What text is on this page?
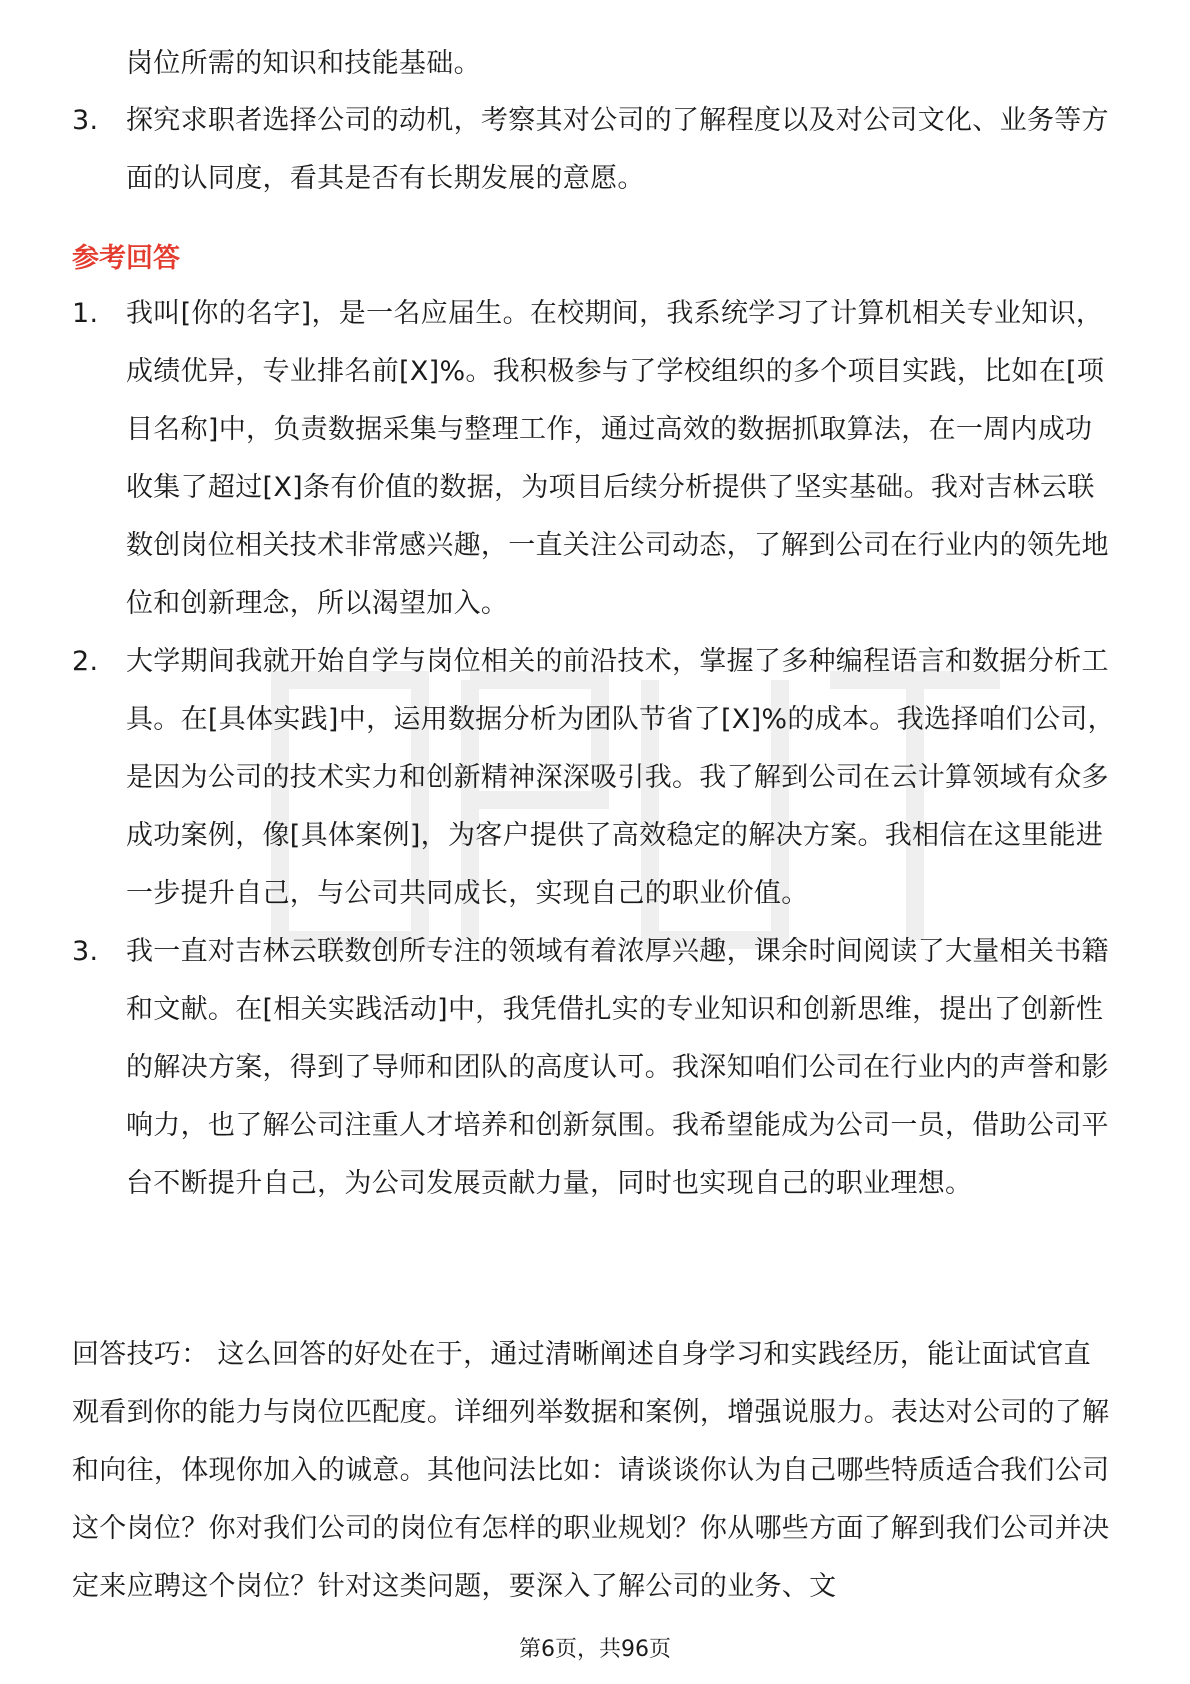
岗位所需的知识和技能基础。
3. 探究求职者选择公司的动机，考察其对公司的了解程度以及对公司文化、业务等方面的认同度，看其是否有长期发展的意愿。
参考回答
1. 我叫[你的名字]，是一名应届生。在校期间，我系统学习了计算机相关专业知识，成绩优异，专业排名前[X]%。我积极参与了学校组织的多个项目实践，比如在[项目名称]中，负责数据采集与整理工作，通过高效的数据抓取算法，在一周内成功收集了超过[X]条有价值的数据，为项目后续分析提供了坚实基础。我对吉林云联数创岗位相关技术非常感兴趣，一直关注公司动态，了解到公司在行业内的领先地位和创新理念，所以渴望加入。
2. 大学期间我就开始自学与岗位相关的前沿技术，掌握了多种编程语言和数据分析工具。在[具体实践]中，运用数据分析为团队节省了[X]%的成本。我选择咱们公司，是因为公司的技术实力和创新精神深深吸引我。我了解到公司在云计算领域有众多成功案例，像[具体案例]，为客户提供了高效稳定的解决方案。我相信在这里能进一步提升自己，与公司共同成长，实现自己的职业价值。
3. 我一直对吉林云联数创所专注的领域有着浓厚兴趣，课余时间阅读了大量相关书籍和文献。在[相关实践活动]中，我凭借扎实的专业知识和创新思维，提出了创新性的解决方案，得到了导师和团队的高度认可。我深知咱们公司在行业内的声誉和影响力，也了解公司注重人才培养和创新氛围。我希望能成为公司一员，借助公司平台不断提升自己，为公司发展贡献力量，同时也实现自己的职业理想。
回答技巧： 这么回答的好处在于，通过清晰阐述自身学习和实践经历，能让面试官直观看到你的能力与岗位匹配度。详细列举数据和案例，增强说服力。表达对公司的了解和向往，体现你加入的诚意。其他问法比如：请谈谈你认为自己哪些特质适合我们公司这个岗位？你对我们公司的岗位有怎样的职业规划？你从哪些方面了解到我们公司并决定来应聘这个岗位？针对这类问题，要深入了解公司的业务、文
第6页，共96页
